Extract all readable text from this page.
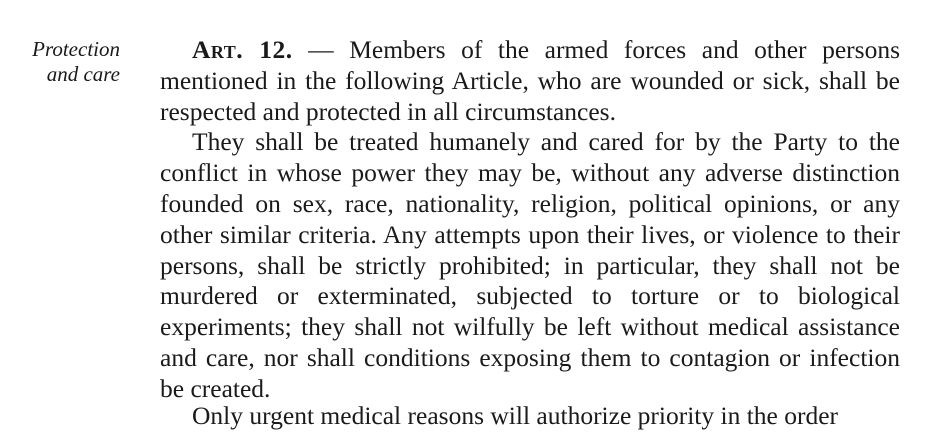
Protection
and care

Art. 12. — Members of the armed forces and other persons mentioned in the following Article, who are wounded or sick, shall be respected and protected in all circumstances.

They shall be treated humanely and cared for by the Party to the conflict in whose power they may be, without any adverse distinction founded on sex, race, nationality, religion, political opinions, or any other similar criteria. Any attempts upon their lives, or violence to their persons, shall be strictly prohibited; in particular, they shall not be murdered or exterminated, subjected to torture or to biological experiments; they shall not wilfully be left without medical assistance and care, nor shall conditions exposing them to contagion or infection be created.

Only urgent medical reasons will authorize priority in the order
